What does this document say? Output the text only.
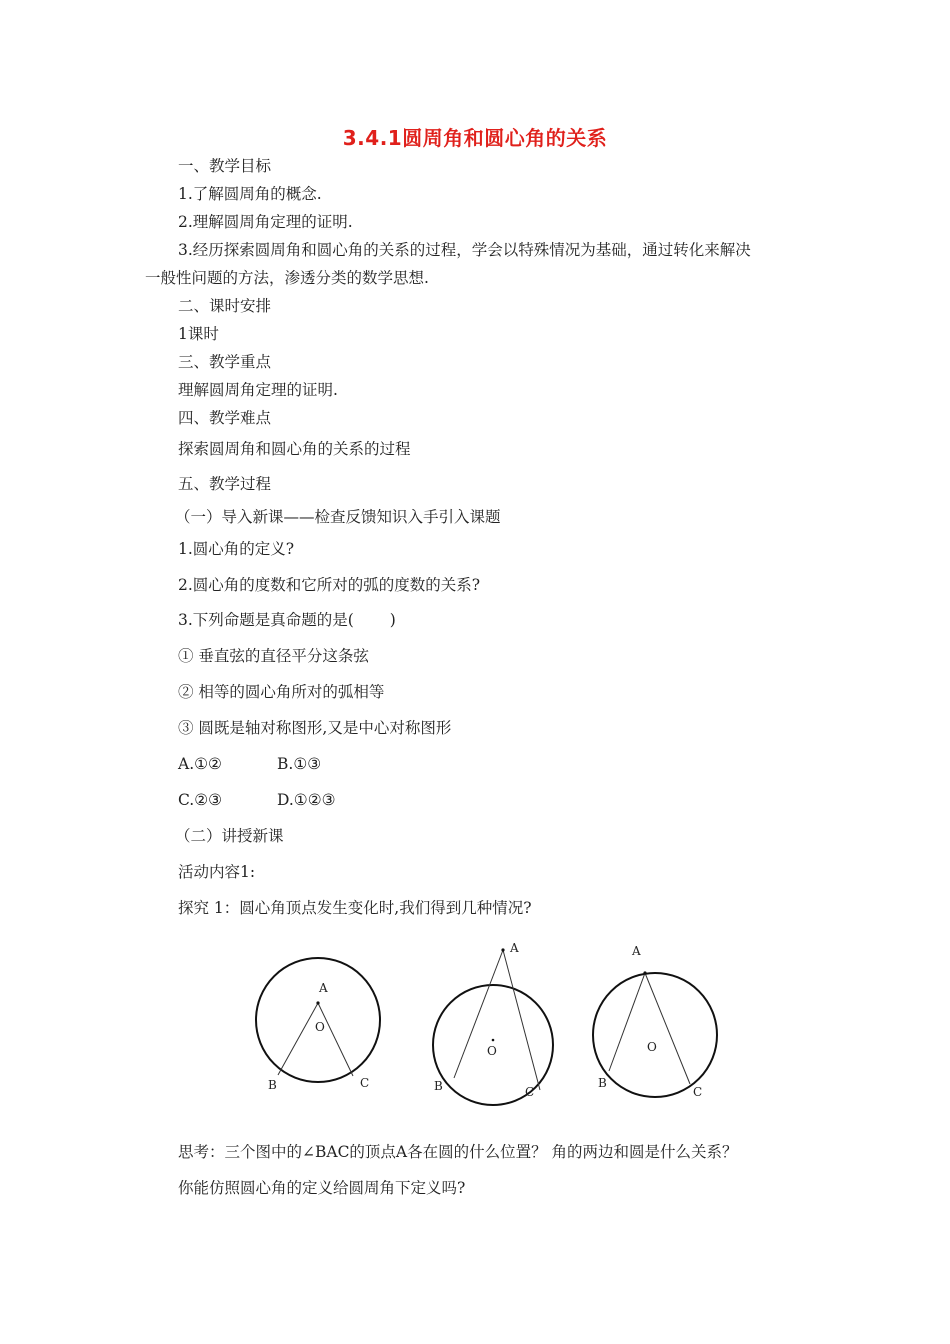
3.4.1圆周角和圆心角的关系
一、教学目标
1.了解圆周角的概念.
2.理解圆周角定理的证明.
3.经历探索圆周角和圆心角的关系的过程，学会以特殊情况为基础，通过转化来解决
一般性问题的方法，渗透分类的数学思想.
二、课时安排
1课时
三、教学重点
理解圆周角定理的证明.
四、教学难点
探索圆周角和圆心角的关系的过程
五、教学过程
（一）导入新课——检查反馈知识入手引入课题
1.圆心角的定义?
2.圆心角的度数和它所对的弧的度数的关系?
3.下列命题是真命题的是(　　 )
① 垂直弦的直径平分这条弦
② 相等的圆心角所对的弧相等
③ 圆既是轴对称图形,又是中心对称图形
A.①②	B.①③
C.②③	D.①②③
（二）讲授新课
活动内容1:
探究 1：圆心角顶点发生变化时,我们得到几种情况?
A
O
B	C
A
O
B	C
A
O
B
C
思考：三个图中的∠BAC的顶点A各在圆的什么位置？ 角的两边和圆是什么关系？
你能仿照圆心角的定义给圆周角下定义吗?
